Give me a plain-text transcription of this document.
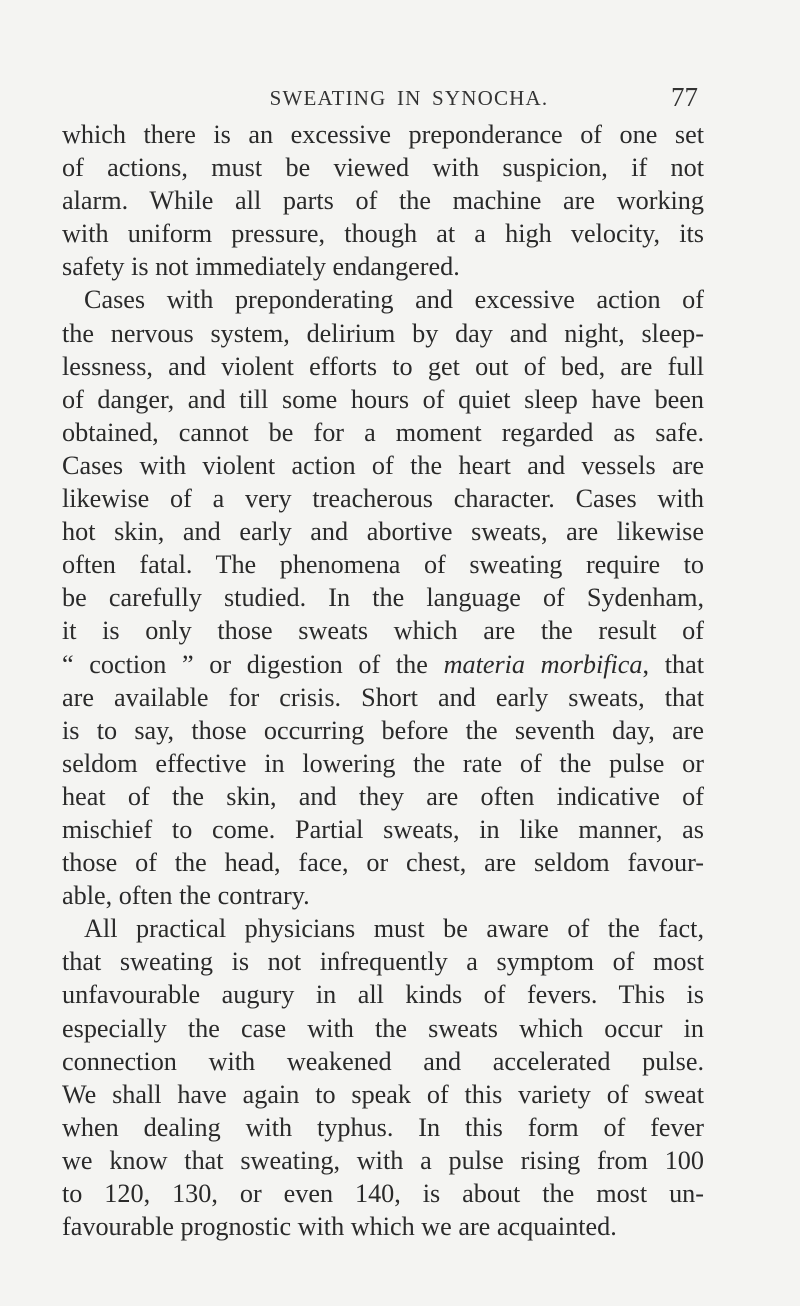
SWEATING IN SYNOCHA.	77
which there is an excessive preponderance of one set
of actions, must be viewed with suspicion, if not
alarm. While all parts of the machine are working
with uniform pressure, though at a high velocity, its
safety is not immediately endangered.
Cases with preponderating and excessive action of
the nervous system, delirium by day and night, sleep-
lessness, and violent efforts to get out of bed, are full
of danger, and till some hours of quiet sleep have been
obtained, cannot be for a moment regarded as safe.
Cases with violent action of the heart and vessels are
likewise of a very treacherous character. Cases with
hot skin, and early and abortive sweats, are likewise
often fatal. The phenomena of sweating require to
be carefully studied. In the language of Sydenham,
it is only those sweats which are the result of
“ coction ” or digestion of the materia morbifica, that
are available for crisis. Short and early sweats, that
is to say, those occurring before the seventh day, are
seldom effective in lowering the rate of the pulse or
heat of the skin, and they are often indicative of
mischief to come. Partial sweats, in like manner, as
those of the head, face, or chest, are seldom favour-
able, often the contrary.
All practical physicians must be aware of the fact,
that sweating is not infrequently a symptom of most
unfavourable augury in all kinds of fevers. This is
especially the case with the sweats which occur in
connection with weakened and accelerated pulse.
We shall have again to speak of this variety of sweat
when dealing with typhus. In this form of fever
we know that sweating, with a pulse rising from 100
to 120, 130, or even 140, is about the most un-
favourable prognostic with which we are acquainted.
